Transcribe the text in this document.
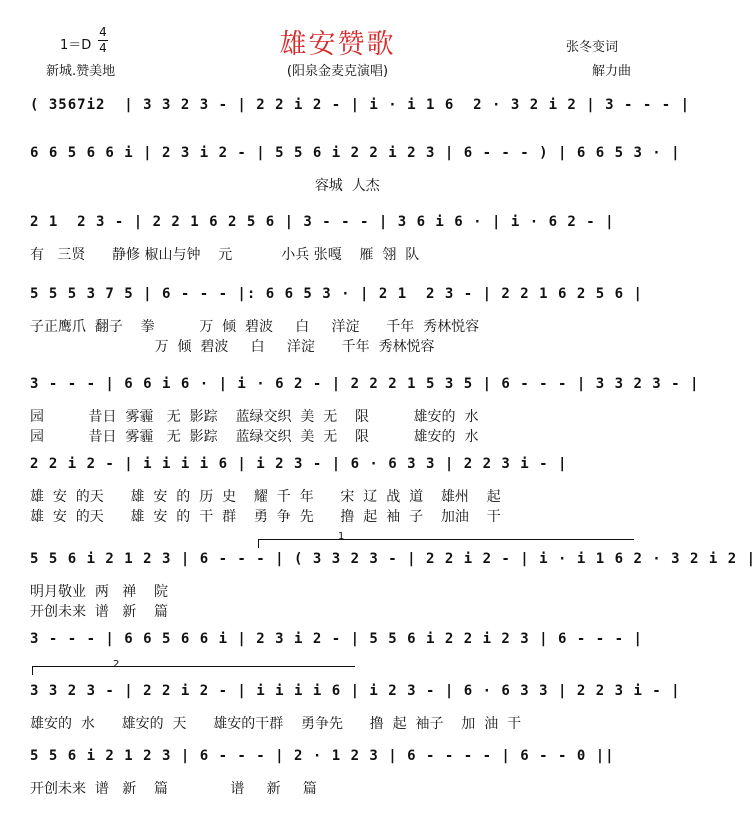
雄安赞歌
1＝D
4
4
新城.赞美地	(阳泉金麦克演唱)
张冬变词
解力曲
( 3567i2  | 3 3 2 3 - | 2 2 i 2 - | i · i 1 6  2 · 3 2 i 2 | 3 - - - |
6 6 5 6 6 i | 2 3 i 2 - | 5 5 6 i 2 2 i 2 3 | 6 - - - ) | 6 6 5 3 · |
容城  人杰
2 1  2 3 - | 2 2 1 6 2 5 6 | 3 - - - | 3 6 i 6 · | i · 6 2 - |
有   三贤      静修 椒山与钟    元           小兵 张嘎    雁  翎  队
5 5 5 3 7 5 | 6 - - - |: 6 6 5 3 · | 2 1  2 3 - | 2 2 1 6 2 5 6 |
子正鹰爪  翻子    拳          万  倾  碧波     白     洋淀      千年  秀林悦容
万  倾  碧波     白     洋淀      千年  秀林悦容
3 - - - | 6 6 i 6 · | i · 6 2 - | 2 2 2 1 5 3 5 | 6 - - - | 3 3 2 3 - |
园          昔日  雾霾   无  影踪    蓝绿交织  美  无    限          雄安的  水
园          昔日  雾霾   无  影踪    蓝绿交织  美  无    限          雄安的  水
2 2 i 2 - | i i i i 6 | i 2 3 - | 6 · 6 3 3 | 2 2 3 i - |
雄  安  的天      雄  安  的  历  史    耀  千  年      宋  辽  战  道    雄州    起
雄  安  的天      雄  安  的  干  群    勇  争  先      撸  起  袖  子    加油    干
5 5 6 i 2 1 2 3 | 6 - - - | ( 3 3 2 3 - | 2 2 i 2 - | i · i 1 6 2 · 3 2 i 2 |
明月敬业  两   禅    院
开创未来  谱   新    篇
3 - - - | 6 6 5 6 6 i | 2 3 i 2 - | 5 5 6 i 2 2 i 2 3 | 6 - - - |
3 3 2 3 - | 2 2 i 2 - | i i i i 6 | i 2 3 - | 6 · 6 3 3 | 2 2 3 i - |
雄安的  水      雄安的  天      雄安的干群    勇争先      撸  起  袖子    加  油  干
5 5 6 i 2 1 2 3 | 6 - - - | 2 · 1 2 3 | 6 - - - - | 6 - - 0 ||
开创未来  谱   新    篇              谱     新     篇
1
2
